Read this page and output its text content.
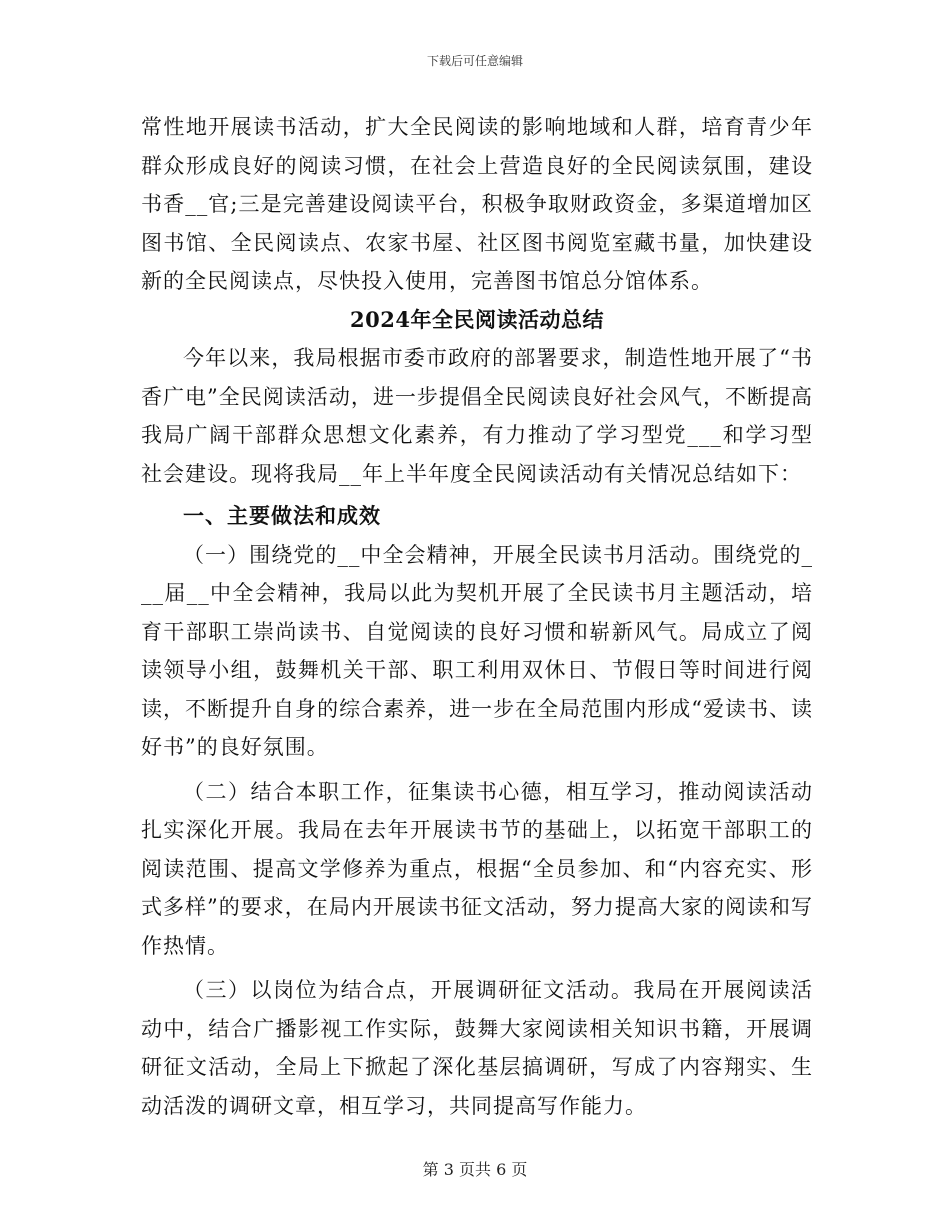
下载后可任意编辑

常性地开展读书活动，扩大全民阅读的影响地域和人群，培育青少年群众形成良好的阅读习惯，在社会上营造良好的全民阅读氛围，建设书香__官;三是完善建设阅读平台，积极争取财政资金，多渠道增加区图书馆、全民阅读点、农家书屋、社区图书阅览室藏书量，加快建设新的全民阅读点，尽快投入使用，完善图书馆总分馆体系。

2024年全民阅读活动总结

今年以来，我局根据市委市政府的部署要求，制造性地开展了“书香广电”全民阅读活动，进一步提倡全民阅读良好社会风气，不断提高我局广阔干部群众思想文化素养，有力推动了学习型党___和学习型社会建设。现将我局__年上半年度全民阅读活动有关情况总结如下：

一、主要做法和成效

（一）围绕党的__中全会精神，开展全民读书月活动。围绕党的___届__中全会精神，我局以此为契机开展了全民读书月主题活动，培育干部职工崇尚读书、自觉阅读的良好习惯和崭新风气。局成立了阅读领导小组，鼓舞机关干部、职工利用双休日、节假日等时间进行阅读，不断提升自身的综合素养，进一步在全局范围内形成“爱读书、读好书”的良好氛围。

（二）结合本职工作，征集读书心德，相互学习，推动阅读活动扎实深化开展。我局在去年开展读书节的基础上，以拓宽干部职工的阅读范围、提高文学修养为重点，根据“全员参加、和“内容充实、形式多样”的要求，在局内开展读书征文活动，努力提高大家的阅读和写作热情。

（三）以岗位为结合点，开展调研征文活动。我局在开展阅读活动中，结合广播影视工作实际，鼓舞大家阅读相关知识书籍，开展调研征文活动，全局上下掀起了深化基层搞调研，写成了内容翔实、生动活泼的调研文章，相互学习，共同提高写作能力。

第 3 页共 6 页
